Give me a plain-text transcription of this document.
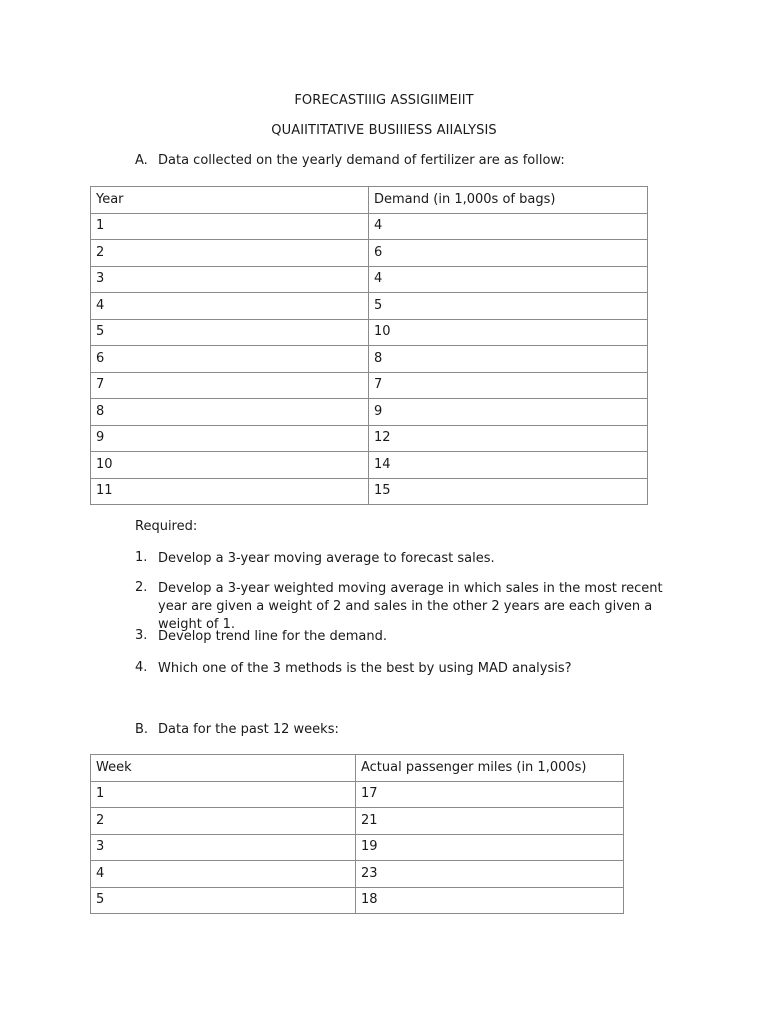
FORECASTIIIG ASSIGIIMEIIT

QUAIITITATIVE BUSIIIESS AIIALYSIS

A. Data collected on the yearly demand of fertilizer are as follow:
Year	Demand (in 1,000s of bags)
1	4
2	6
3	4
4	5
5	10
6	8
7	7
8	9
9	12
10	14
11	15
Required:
1. Develop a 3-year moving average to forecast sales.
2. Develop a 3-year weighted moving average in which sales in the most recent year are given a weight of 2 and sales in the other 2 years are each given a weight of 1.
3. Develop trend line for the demand.
4. Which one of the 3 methods is the best by using MAD analysis?
B. Data for the past 12 weeks:
Week	Actual passenger miles (in 1,000s)
1	17
2	21
3	19
4	23
5	18
